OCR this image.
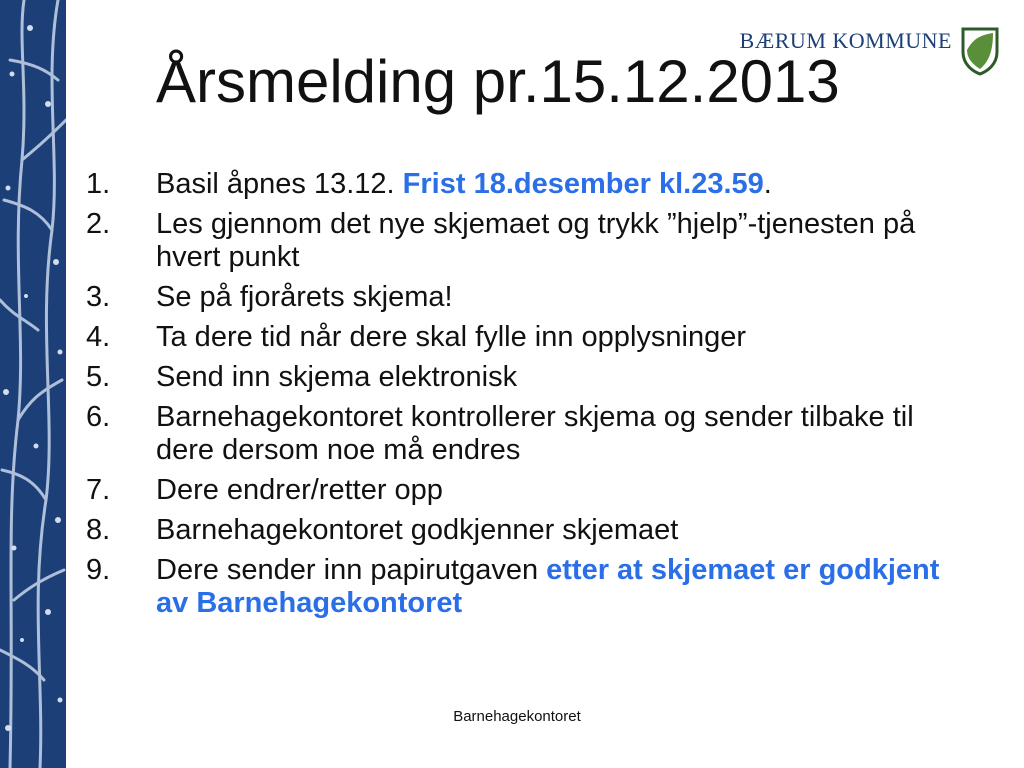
BÆRUM KOMMUNE
Årsmelding pr.15.12.2013
1.	Basil åpnes 13.12. Frist 18.desember kl.23.59.
2.	Les gjennom det nye skjemaet og trykk ”hjelp”-tjenesten på hvert punkt
3.	Se på fjorårets skjema!
4.	Ta dere tid når dere skal fylle inn opplysninger
5.	Send inn skjema elektronisk
6.	Barnehagekontoret kontrollerer skjema og sender tilbake til dere dersom noe må endres
7.	Dere endrer/retter opp
8.	Barnehagekontoret godkjenner skjemaet
9.	Dere sender inn papirutgaven etter at skjemaet er godkjent av Barnehagekontoret
Barnehagekontoret
